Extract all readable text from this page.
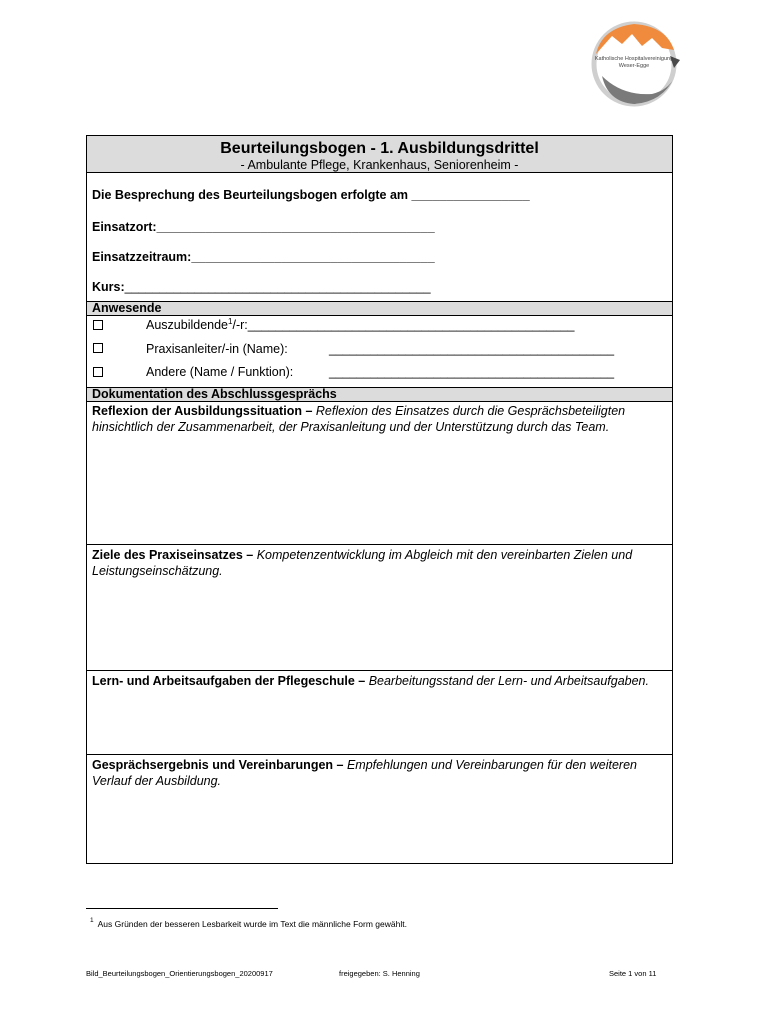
Katholische Hospitalvereinigung
Weser-Egge
Beurteilungsbogen - 1. Ausbildungsdrittel
- Ambulante Pflege, Krankenhaus, Seniorenheim -
Die Besprechung des Beurteilungsbogen erfolgte am _________________
Einsatzort:________________________________________
Einsatzzeitraum:___________________________________
Kurs:____________________________________________
Anwesende
Auszubildende$^1$/-r:_______________________________________________
Praxisanleiter/-in (Name):	_________________________________________
Andere (Name / Funktion):	_________________________________________
Dokumentation des Abschlussgesprächs
Reflexion der Ausbildungssituation – Reflexion des Einsatzes durch die Gesprächsbeteiligten hinsichtlich der Zusammenarbeit, der Praxisanleitung und der Unterstützung durch das Team.
Ziele des Praxiseinsatzes – Kompetenzentwicklung im Abgleich mit den vereinbarten Zielen und Leistungseinschätzung.
Lern- und Arbeitsaufgaben der Pflegeschule – Bearbeitungsstand der Lern- und Arbeitsaufgaben.
Gesprächsergebnis und Vereinbarungen – Empfehlungen und Vereinbarungen für den weiteren Verlauf der Ausbildung.
$^1$ Aus Gründen der besseren Lesbarkeit wurde im Text die männliche Form gewählt.
Bild_Beurteilungsbogen_Orientierungsbogen_20200917	freigegeben: S. Henning	Seite 1 von 11
